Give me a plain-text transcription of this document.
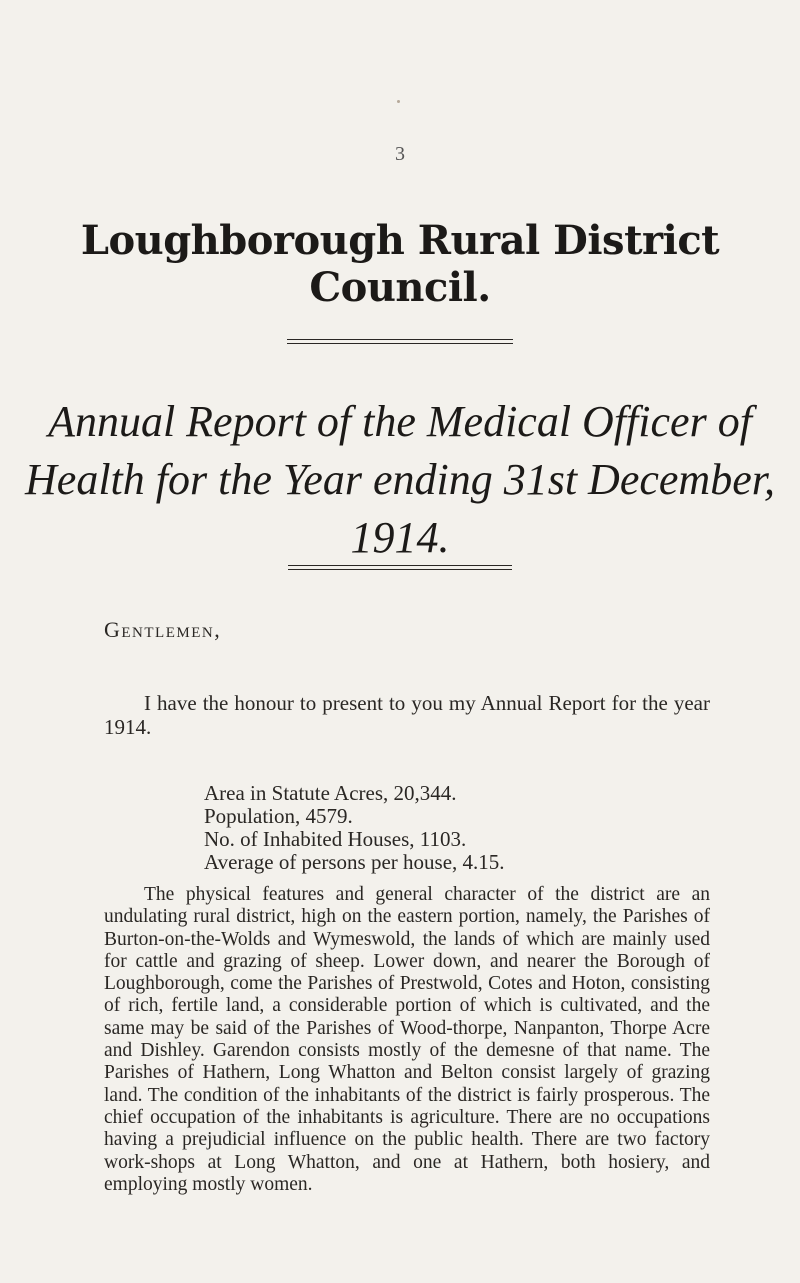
3
Loughborough Rural District Council.
Annual Report of the Medical Officer of
Health for the Year ending 31st December,
1914.
Gentlemen,
I have the honour to present to you my Annual Report for the year 1914.
Area in Statute Acres, 20,344.
Population, 4579.
No. of Inhabited Houses, 1103.
Average of persons per house, 4.15.
The physical features and general character of the district are an undulating rural district, high on the eastern portion, namely, the Parishes of Burton-on-the-Wolds and Wymeswold, the lands of which are mainly used for cattle and grazing of sheep. Lower down, and nearer the Borough of Loughborough, come the Parishes of Prestwold, Cotes and Hoton, consisting of rich, fertile land, a considerable portion of which is cultivated, and the same may be said of the Parishes of Wood-thorpe, Nanpanton, Thorpe Acre and Dishley. Garendon consists mostly of the demesne of that name. The Parishes of Hathern, Long Whatton and Belton consist largely of grazing land. The condition of the inhabitants of the district is fairly prosperous. The chief occupation of the inhabitants is agriculture. There are no occupations having a prejudicial influence on the public health. There are two factory work-shops at Long Whatton, and one at Hathern, both hosiery, and employing mostly women.
